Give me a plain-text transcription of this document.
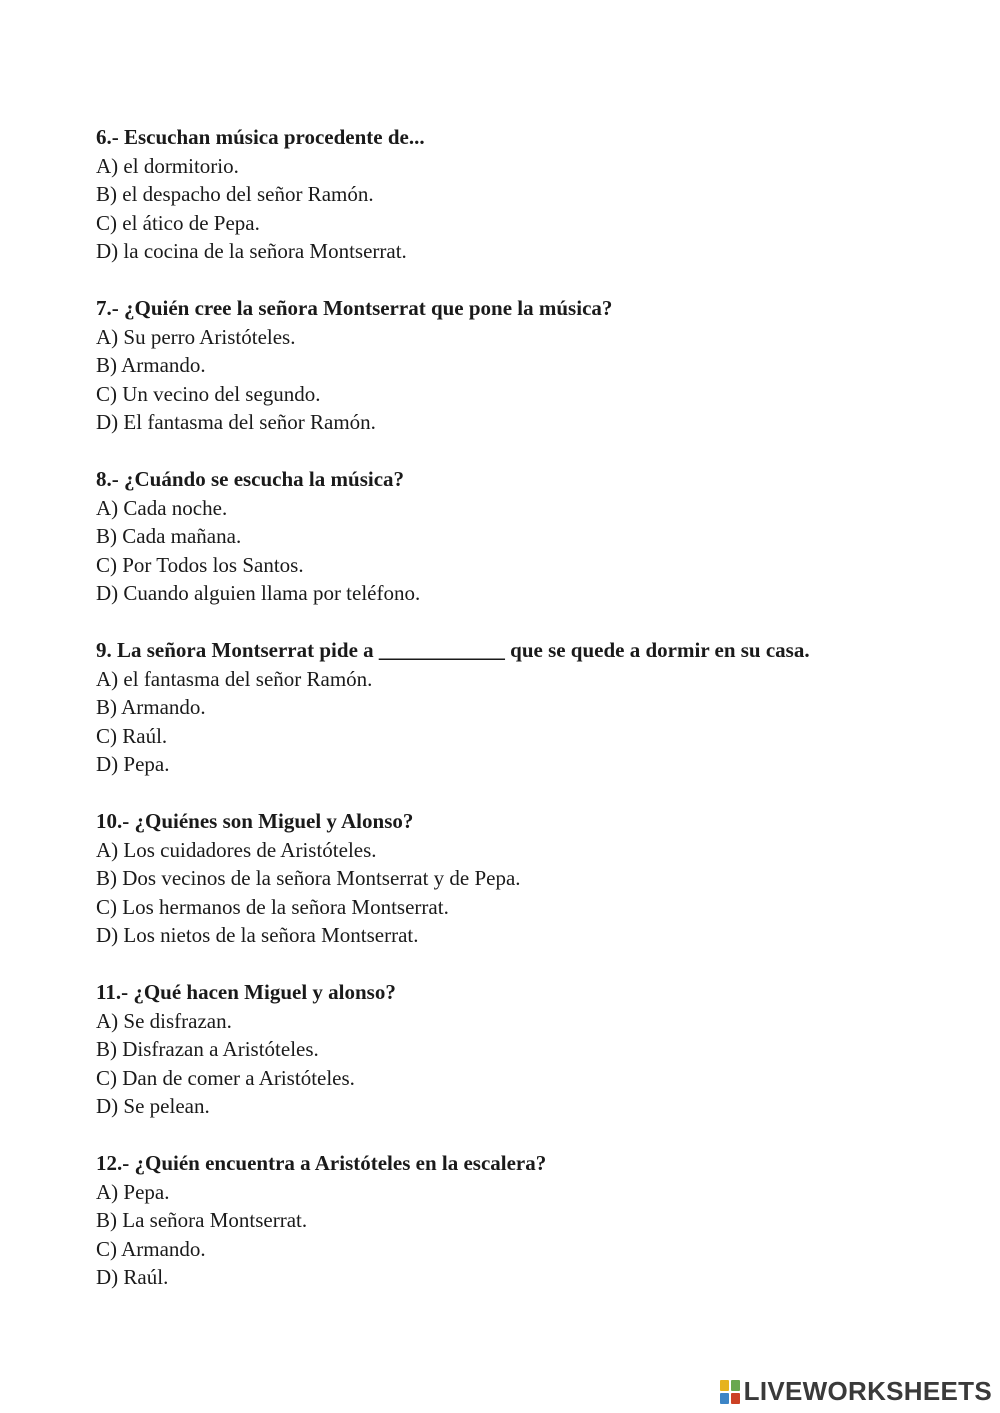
6.- Escuchan música procedente de...
A) el dormitorio.
B) el despacho del señor Ramón.
C) el ático de Pepa.
D) la cocina de la señora Montserrat.
7.- ¿Quién cree la señora Montserrat que pone la música?
A) Su perro Aristóteles.
B) Armando.
C) Un vecino del segundo.
D) El fantasma del señor Ramón.
8.- ¿Cuándo se escucha la música?
A) Cada noche.
B) Cada mañana.
C) Por Todos los Santos.
D) Cuando alguien llama por teléfono.
9. La señora Montserrat pide a ____________ que se quede a dormir en su casa.
A) el fantasma del señor Ramón.
B) Armando.
C) Raúl.
D) Pepa.
10.- ¿Quiénes son Miguel y Alonso?
A) Los cuidadores de Aristóteles.
B) Dos vecinos de la señora Montserrat y de Pepa.
C) Los hermanos de la señora Montserrat.
D) Los nietos de la señora Montserrat.
11.- ¿Qué hacen Miguel y alonso?
A) Se disfrazan.
B) Disfrazan a Aristóteles.
C) Dan de comer a Aristóteles.
D) Se pelean.
12.- ¿Quién encuentra a Aristóteles en la escalera?
A) Pepa.
B) La señora Montserrat.
C) Armando.
D) Raúl.
LIVEWORKSHEETS
